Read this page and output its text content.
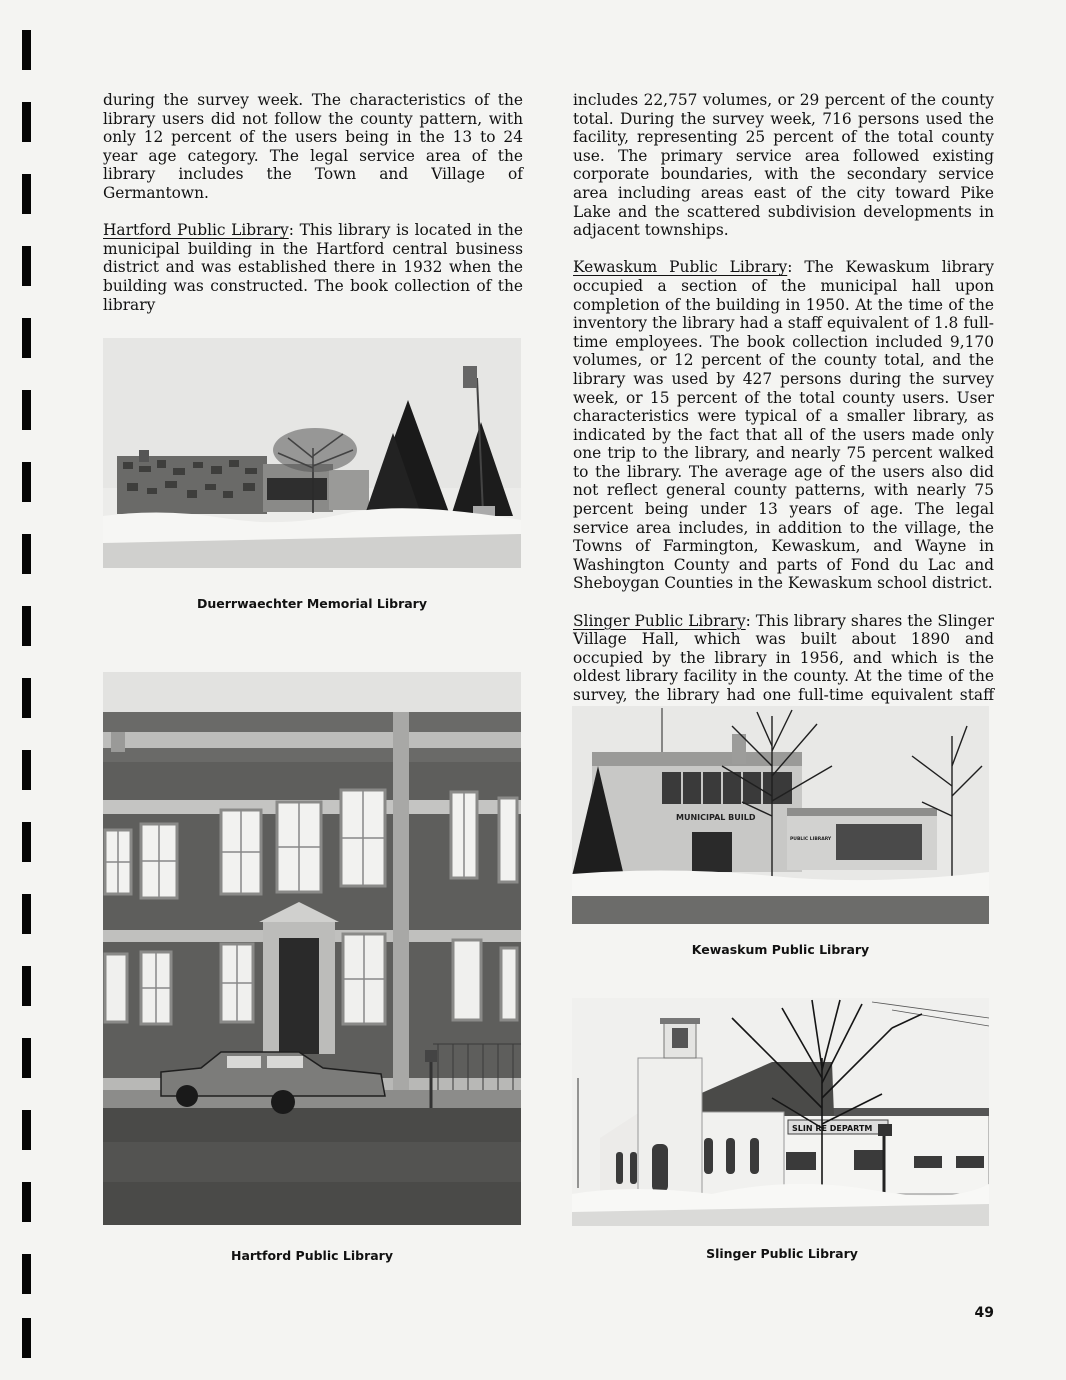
during the survey week. The characteristics of the library users did not follow the county pattern, with only 12 percent of the users being in the 13 to 24 year age category. The legal service area of the library includes the Town and Village of Germantown.

Hartford Public Library: This library is located in the municipal building in the Hartford central business district and was established there in 1932 when the building was constructed. The book collection of the library

includes 22,757 volumes, or 29 percent of the county total. During the survey week, 716 persons used the facility, representing 25 percent of the total county use. The primary service area followed existing corporate boundaries, with the secondary service area including areas east of the city toward Pike Lake and the scattered subdivision developments in adjacent townships.

Kewaskum Public Library: The Kewaskum library occupied a section of the municipal hall upon completion of the building in 1950. At the time of the inventory the library had a staff equivalent of 1.8 full-time employees. The book collection included 9,170 volumes, or 12 percent of the county total, and the library was used by 427 persons during the survey week, or 15 percent of the total county users. User characteristics were typical of a smaller library, as indicated by the fact that all of the users made only one trip to the library, and nearly 75 percent walked to the library. The average age of the users also did not reflect general county patterns, with nearly 75 percent being under 13 years of age. The legal service area includes, in addition to the village, the Towns of Farmington, Kewaskum, and Wayne in Washington County and parts of Fond du Lac and Sheboygan Counties in the Kewaskum school district.

Slinger Public Library: This library shares the Slinger Village Hall, which was built about 1890 and occupied by the library in 1956, and which is the oldest library facility in the county. At the time of the survey, the library had one full-time equivalent staff

Duerrwaechter Memorial Library
Hartford Public Library
MUNICIPAL BUILD
PUBLIC LIBRARY
Kewaskum Public Library
SLIN RE DEPARTM
Slinger Public Library
49
